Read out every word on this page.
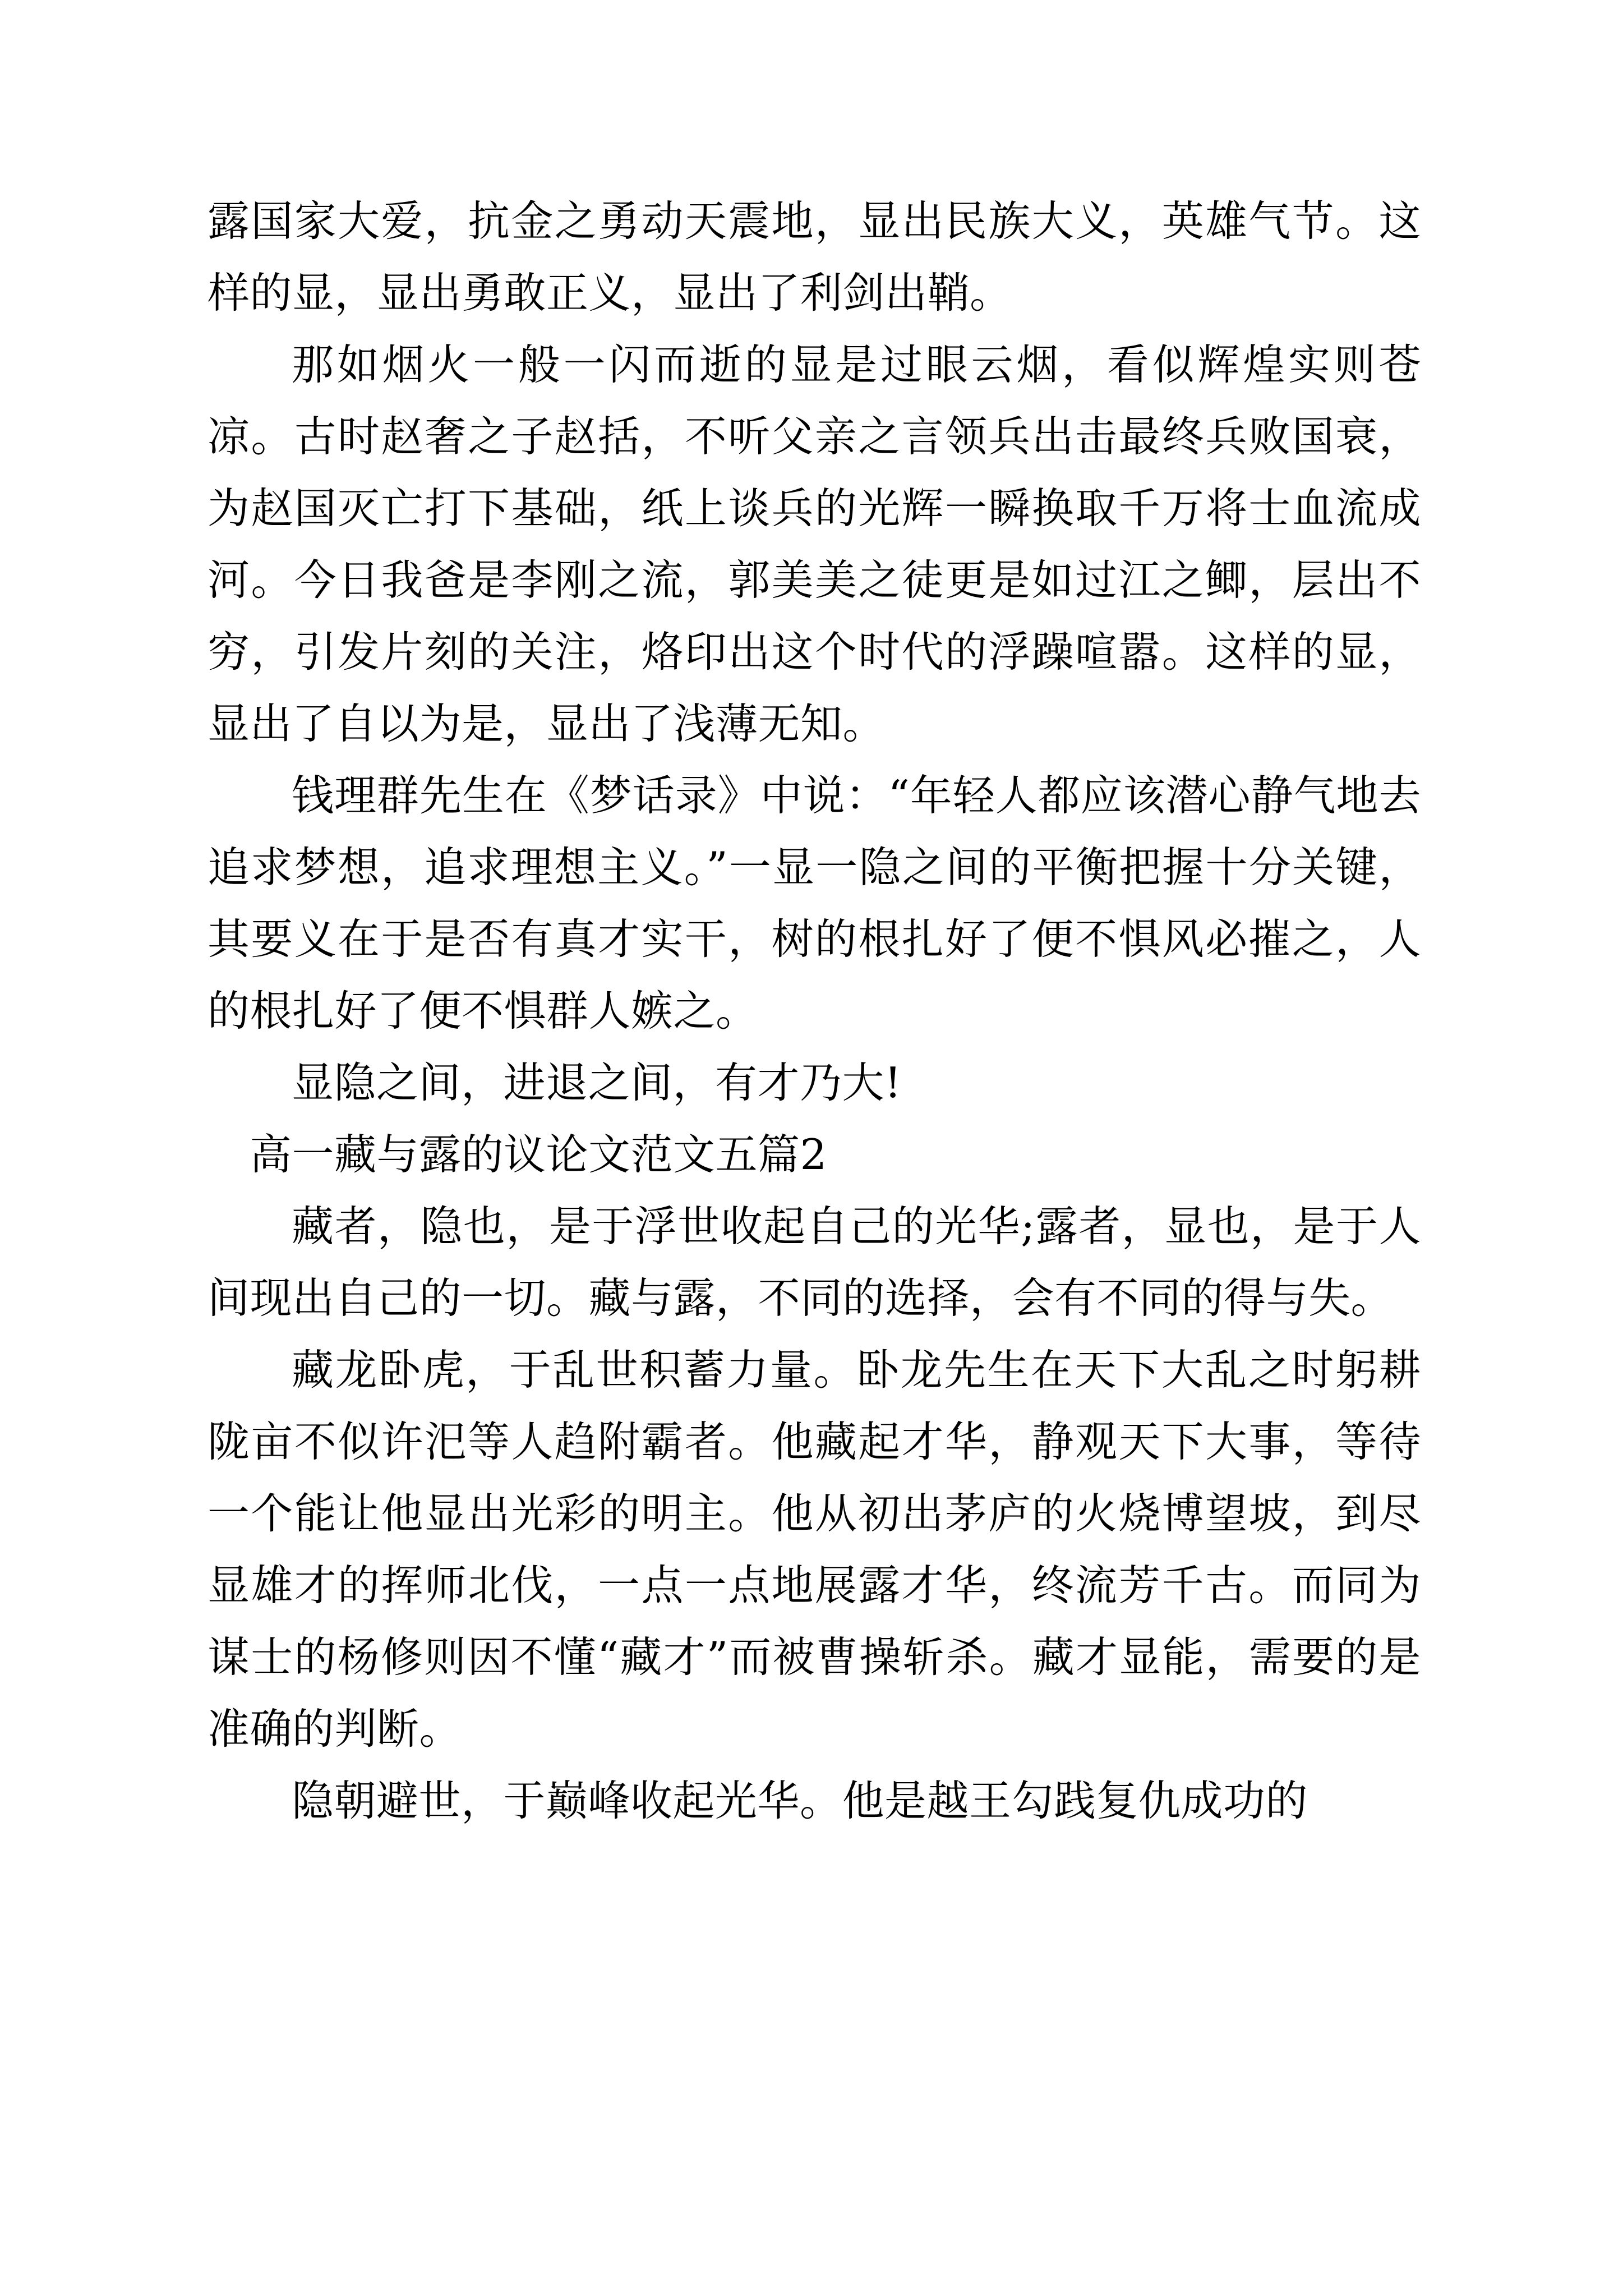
露国家大爱，抗金之勇动天震地，显出民族大义，英雄气节。这样的显，显出勇敢正义，显出了利剑出鞘。

那如烟火一般一闪而逝的显是过眼云烟，看似辉煌实则苍凉。古时赵奢之子赵括，不听父亲之言领兵出击最终兵败国衰，为赵国灭亡打下基础，纸上谈兵的光辉一瞬换取千万将士血流成河。今日我爸是李刚之流，郭美美之徒更是如过江之鲫，层出不穷，引发片刻的关注，烙印出这个时代的浮躁喧嚣。这样的显，显出了自以为是，显出了浅薄无知。

钱理群先生在《梦话录》中说：“年轻人都应该潜心静气地去追求梦想，追求理想主义。”一显一隐之间的平衡把握十分关键，其要义在于是否有真才实干，树的根扎好了便不惧风必摧之，人的根扎好了便不惧群人嫉之。

显隐之间，进退之间，有才乃大!

高一藏与露的议论文范文五篇2

藏者，隐也，是于浮世收起自己的光华;露者，显也，是于人间现出自己的一切。藏与露，不同的选择，会有不同的得与失。

藏龙卧虎，于乱世积蓄力量。卧龙先生在天下大乱之时躬耕陇亩不似许汜等人趋附霸者。他藏起才华，静观天下大事，等待一个能让他显出光彩的明主。他从初出茅庐的火烧博望坡，到尽显雄才的挥师北伐，一点一点地展露才华，终流芳千古。而同为谋士的杨修则因不懂“藏才”而被曹操斩杀。藏才显能，需要的是准确的判断。

隐朝避世，于巅峰收起光华。他是越王勾践复仇成功的
